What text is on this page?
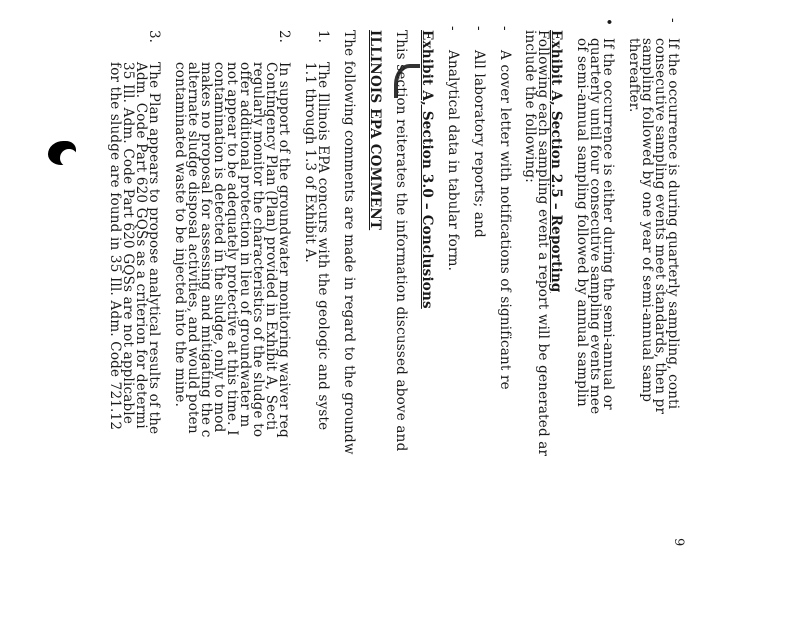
-
•
-
-
-
1.
2.
3.
If the occurrence is during quarterly sampling, conti
consecutive sampling events meet standards, then pr
sampling followed by one year of semi-annual samp
thereafter.
If the occurrence is either during the semi-annual or
quarterly until four consecutive sampling events mee
of semi-annual sampling followed by annual samplin
Exhibit A, Section 2.5 – Reporting
Following each sampling event a report will be generated ar
include the following:
A cover letter with notifications of significant re
All laboratory reports; and
Analytical data in tabular form.
Exhibit A, Section 3.0 – Conclusions
This section reiterates the information discussed above and
ILLINOIS EPA COMMENT
The following comments are made in regard to the groundw
The Illinois EPA concurs with the geologic and syste
1.1 through 1.3 of Exhibit A.
In support of the groundwater monitoring waiver req
Contingency Plan (Plan) provided in Exhibit A, Secti
regularly monitor the characteristics of the sludge to
offer additional protection in lieu of groundwater m
not appear to be adequately protective at this time. I
contamination is detected in the sludge, only to mod
makes no proposal for assessing and mitigating the c
alternate sludge disposal activities, and would poten
contaminated waste to be injected into the mine.
The Plan appears to propose analytical results of the
Adm. Code Part 620 GQSs as a criterion for determi
35 Ill. Adm. Code Part 620 GQSs are not applicable
for the sludge are found in 35 Ill. Adm. Code 721.12
9
